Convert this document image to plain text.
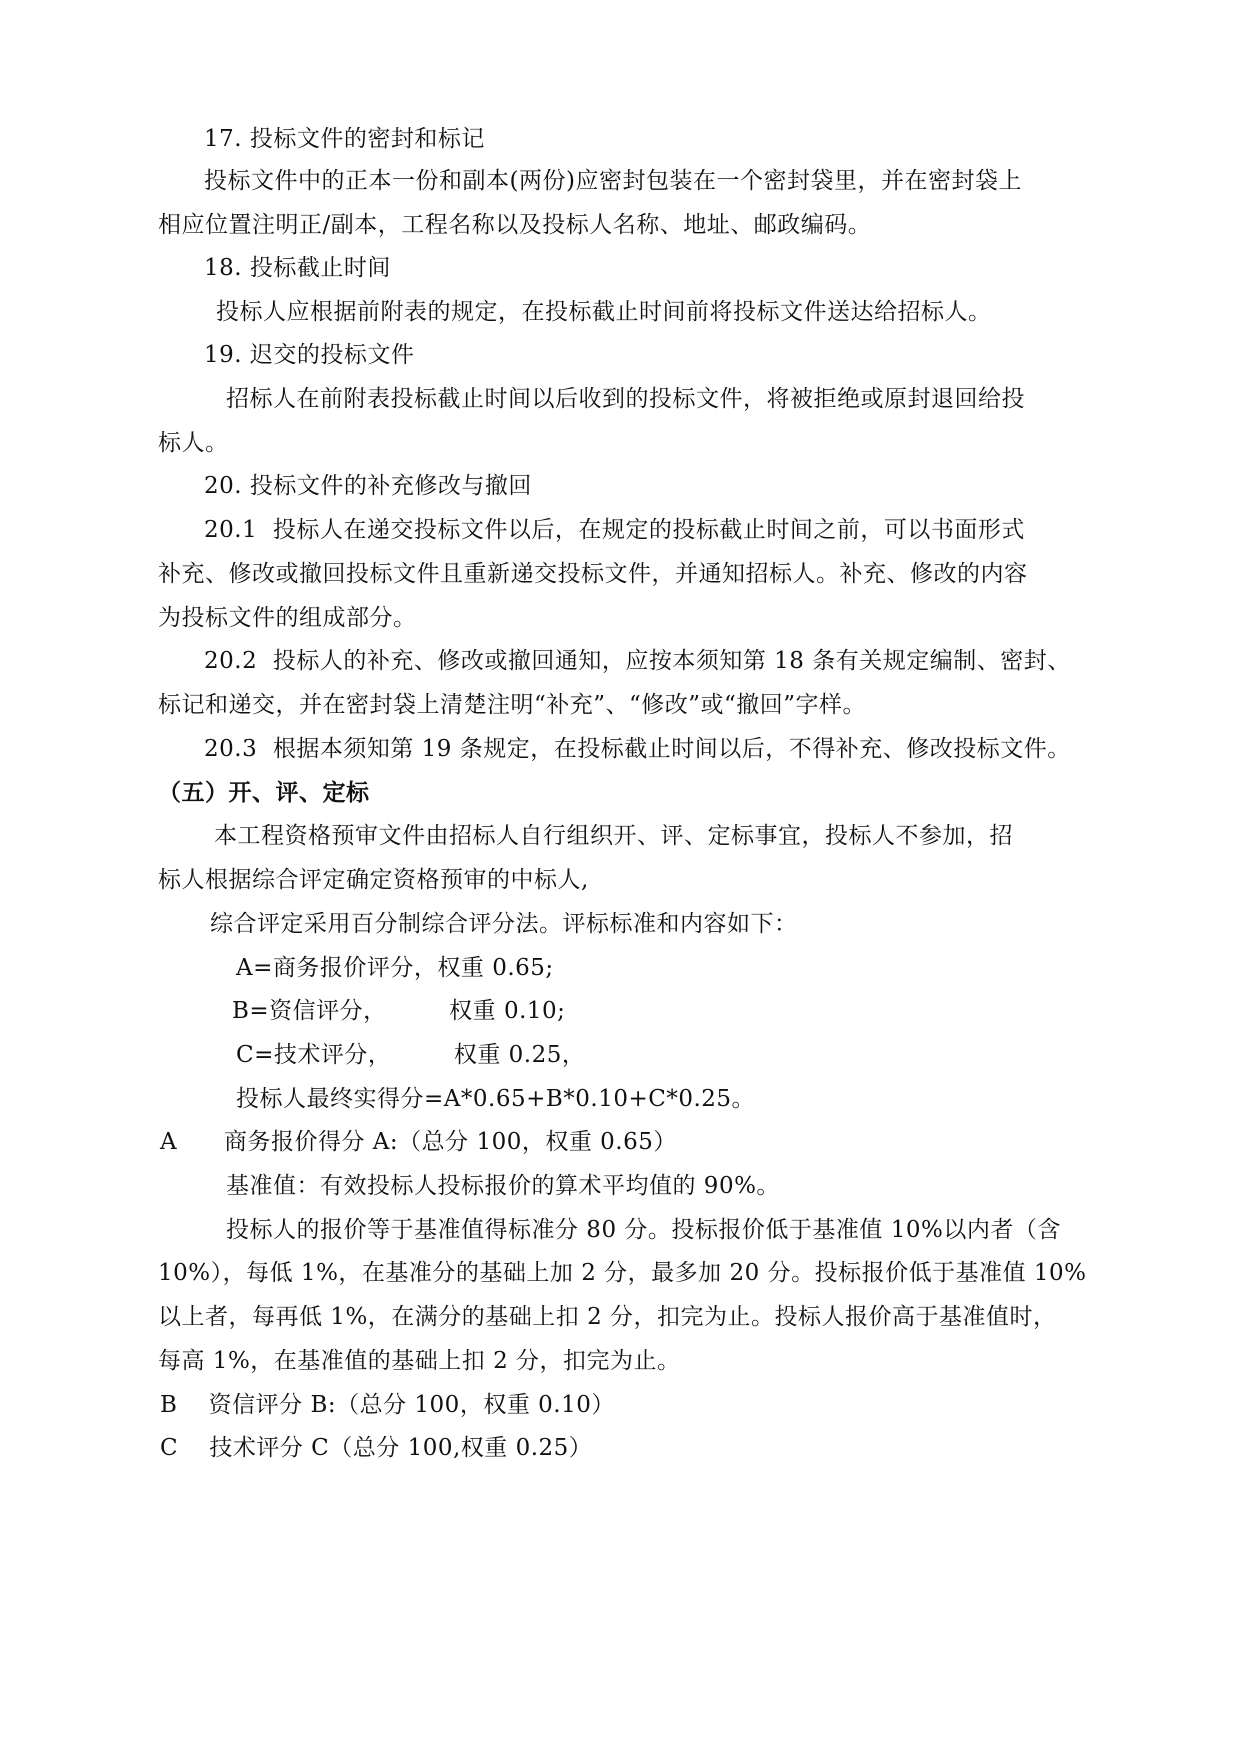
17. 投标文件的密封和标记
投标文件中的正本一份和副本(两份)应密封包装在一个密封袋里，并在密封袋上
相应位置注明正/副本，工程名称以及投标人名称、地址、邮政编码。
18. 投标截止时间
投标人应根据前附表的规定，在投标截止时间前将投标文件送达给招标人。
19. 迟交的投标文件
招标人在前附表投标截止时间以后收到的投标文件，将被拒绝或原封退回给投
标人。
20. 投标文件的补充修改与撤回
20.1  投标人在递交投标文件以后，在规定的投标截止时间之前，可以书面形式
补充、修改或撤回投标文件且重新递交投标文件，并通知招标人。补充、修改的内容
为投标文件的组成部分。
20.2  投标人的补充、修改或撤回通知，应按本须知第 18 条有关规定编制、密封、
标记和递交，并在密封袋上清楚注明“补充”、“修改”或“撤回”字样。
20.3  根据本须知第 19 条规定，在投标截止时间以后，不得补充、修改投标文件。
（五）开、评、定标
本工程资格预审文件由招标人自行组织开、评、定标事宜，投标人不参加，招
标人根据综合评定确定资格预审的中标人,
综合评定采用百分制综合评分法。评标标准和内容如下：
A=商务报价评分，权重 0.65;
B=资信评分，        权重 0.10;
C=技术评分，        权重 0.25，
投标人最终实得分=A*0.65+B*0.10+C*0.25。
A      商务报价得分 A:（总分 100，权重 0.65）
基准值：有效投标人投标报价的算术平均值的 90%。
投标人的报价等于基准值得标准分 80 分。投标报价低于基准值 10%以内者（含
10%），每低 1%，在基准分的基础上加 2 分，最多加 20 分。投标报价低于基准值 10%
以上者，每再低 1%，在满分的基础上扣 2 分，扣完为止。投标人报价高于基准值时，
每高 1%，在基准值的基础上扣 2 分，扣完为止。
B    资信评分 B:（总分 100，权重 0.10）
C    技术评分 C（总分 100,权重 0.25）
